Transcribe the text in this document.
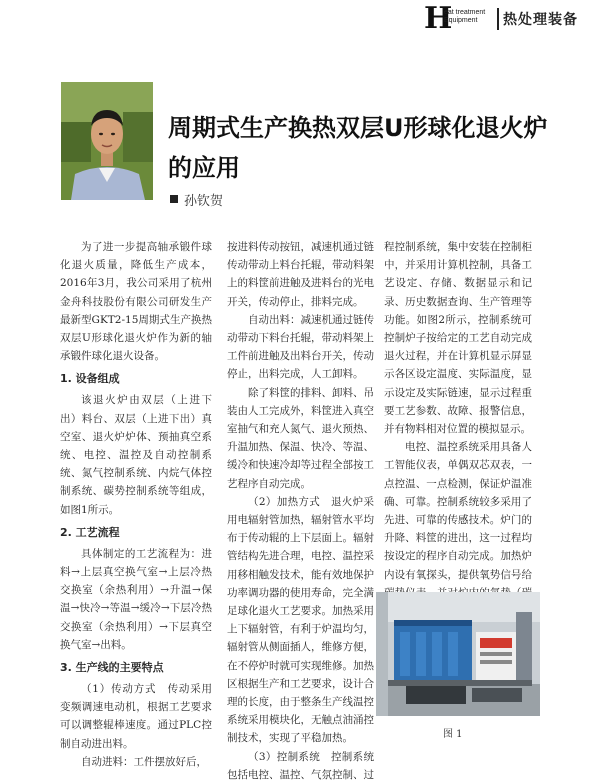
H
eat treatment
Equipment	热处理装备
周期式生产换热双层U形球化退火炉的应用
孙钦贺

为了进一步提高轴承锻件球化退火质量，降低生产成本，2016年3月，我公司采用了杭州金舟科技股份有限公司研发生产最新型GKT2-15周期式生产换热双层U形球化退火炉作为新的轴承锻件球化退火设备。

1. 设备组成

该退火炉由双层（上进下出）料台、双层（上进下出）真空室、退火炉炉体、预抽真空系统、电控、温控及自动控制系统、氮气控制系统、内烷气体控制系统、碳势控制系统等组成，如图1所示。

2. 工艺流程

具体制定的工艺流程为：进料→上层真空换气室→上层冷热交换室（余热利用）→升温→保温→快冷→等温→缓冷→下层冷热交换室（余热利用）→下层真空换气室→出料。

3. 生产线的主要特点

（1）传动方式　传动采用变频调速电动机，根据工艺要求可以调整辊棒速度。通过PLC控制自动进出料。

自动进料：工件摆放好后，

按进料传动按钮，减速机通过链传动带动上料台托辊，带动料架上的料筐前进触及进料台的光电开关，传动停止，排料完成。

自动出料：减速机通过链传动带动下料台托辊，带动料架上工件前进触及出料台开关，传动停止，出料完成，人工卸料。

除了料筐的排料、卸料、吊装由人工完成外，料筐进入真空室抽气和充人氮气、退火预热、升温加热、保温、快冷、等温、缓冷和快速冷却等过程全部按工艺程序自动完成。

（2）加热方式　退火炉采用电辐射管加热，辐射管水平均布于传动辊的上下层面上。辐射管结构先进合理，电控、温控采用移相触发技术，能有效地保护功率调功器的使用寿命，完全满足球化退火工艺要求。加热采用上下辐射管，有利于炉温均匀，辐射管从侧面插人，维修方便，在不停炉时就可实现维修。加热区根据生产和工艺要求，设计合理的长度，由于整条生产线温控系统采用模块化，无触点油涌控制技术，实现了平稳加热。

（3）控制系统　控制系统包括电控、温控、气氛控制、过

程控制系统，集中安装在控制柜中，并采用计算机控制，具备工艺设定、存储、数据显示和记录、历史数据查询、生产管理等功能。如图2所示，控制系统可控制炉子按给定的工艺自动完成退火过程，并在计算机显示屏显示各区设定温度、实际温度，显示设定及实际链速，显示过程重要工艺参数、故障、报警信息，并有物料相对位置的模拟显示。

电控、温控系统采用具备人工智能仪表，单偶双芯双表，一点控温、一点检测，保证炉温准确、可靠。控制系统较多采用了先进、可靠的传感技术。炉门的升降、料筐的进出，这一过程均按设定的程序自动完成。加热炉内设有氧探头，提供氧势信号给

图 1
